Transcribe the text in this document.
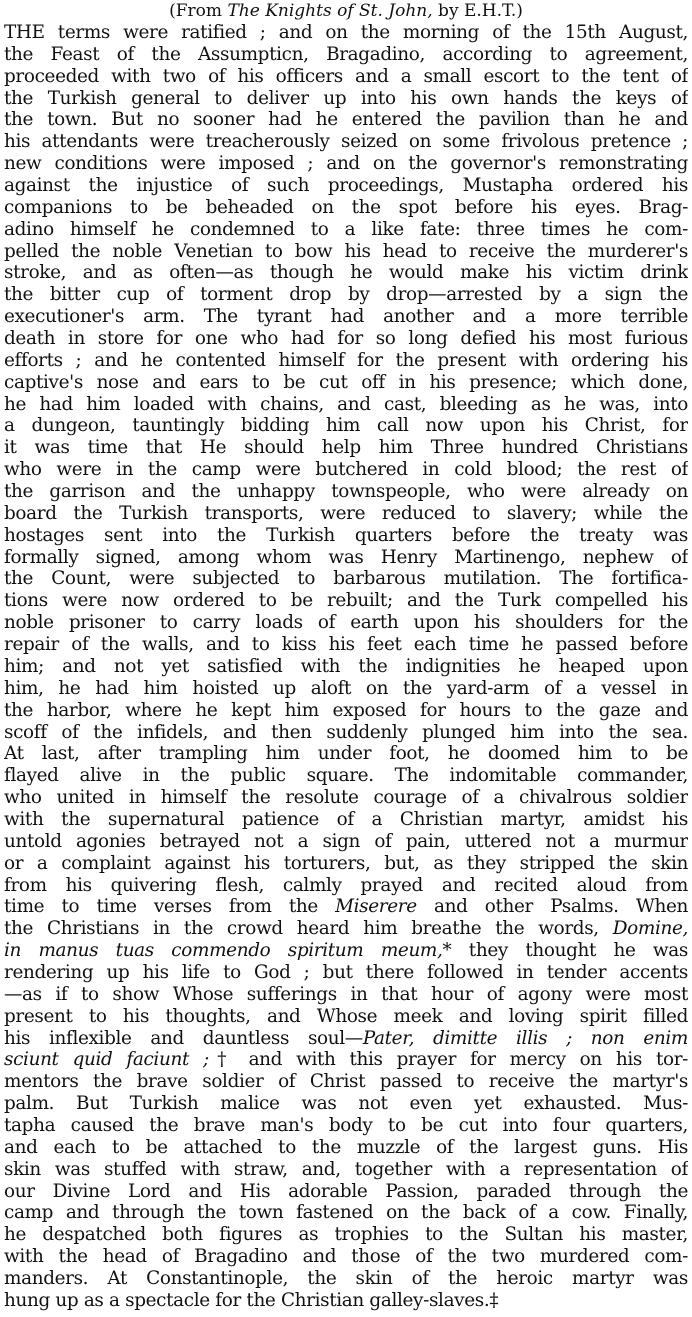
(From The Knights of St. John, by E.H.T.)
THE terms were ratified ; and on the morning of the 15th August,
the Feast of the Assumpticn, Bragadino, according to agreement,
proceeded with two of his officers and a small escort to the tent of
the Turkish general to deliver up into his own hands the keys of
the town. But no sooner had he entered the pavilion than he and
his attendants were treacherously seized on some frivolous pretence ;
new conditions were imposed ; and on the governor's remonstrating
against the injustice of such proceedings, Mustapha ordered his
companions to be beheaded on the spot before his eyes. Brag-
adino himself he condemned to a like fate: three times he com-
pelled the noble Venetian to bow his head to receive the murderer's
stroke, and as often—as though he would make his victim drink
the bitter cup of torment drop by drop—arrested by a sign the
executioner's arm. The tyrant had another and a more terrible
death in store for one who had for so long defied his most furious
efforts ; and he contented himself for the present with ordering his
captive's nose and ears to be cut off in his presence; which done,
he had him loaded with chains, and cast, bleeding as he was, into
a dungeon, tauntingly bidding him call now upon his Christ, for
it was time that He should help him Three hundred Christians
who were in the camp were butchered in cold blood; the rest of
the garrison and the unhappy townspeople, who were already on
board the Turkish transports, were reduced to slavery; while the
hostages sent into the Turkish quarters before the treaty was
formally signed, among whom was Henry Martinengo, nephew of
the Count, were subjected to barbarous mutilation. The fortifica-
tions were now ordered to be rebuilt; and the Turk compelled his
noble prisoner to carry loads of earth upon his shoulders for the
repair of the walls, and to kiss his feet each time he passed before
him; and not yet satisfied with the indignities he heaped upon
him, he had him hoisted up aloft on the yard-arm of a vessel in
the harbor, where he kept him exposed for hours to the gaze and
scoff of the infidels, and then suddenly plunged him into the sea.
At last, after trampling him under foot, he doomed him to be
flayed alive in the public square. The indomitable commander,
who united in himself the resolute courage of a chivalrous soldier
with the supernatural patience of a Christian martyr, amidst his
untold agonies betrayed not a sign of pain, uttered not a murmur
or a complaint against his torturers, but, as they stripped the skin
from his quivering flesh, calmly prayed and recited aloud from
time to time verses from the Miserere and other Psalms. When
the Christians in the crowd heard him breathe the words, Domine,
in manus tuas commendo spiritum meum,* they thought he was
rendering up his life to God ; but there followed in tender accents
—as if to show Whose sufferings in that hour of agony were most
present to his thoughts, and Whose meek and loving spirit filled
his inflexible and dauntless soul—Pater, dimitte illis ; non enim
sciunt quid faciunt ;† and with this prayer for mercy on his tor-
mentors the brave soldier of Christ passed to receive the martyr's
palm. But Turkish malice was not even yet exhausted. Mus-
tapha caused the brave man's body to be cut into four quarters,
and each to be attached to the muzzle of the largest guns. His
skin was stuffed with straw, and, together with a representation of
our Divine Lord and His adorable Passion, paraded through the
camp and through the town fastened on the back of a cow. Finally,
he despatched both figures as trophies to the Sultan his master,
with the head of Bragadino and those of the two murdered com-
manders. At Constantinople, the skin of the heroic martyr was
hung up as a spectacle for the Christian galley-slaves.‡
